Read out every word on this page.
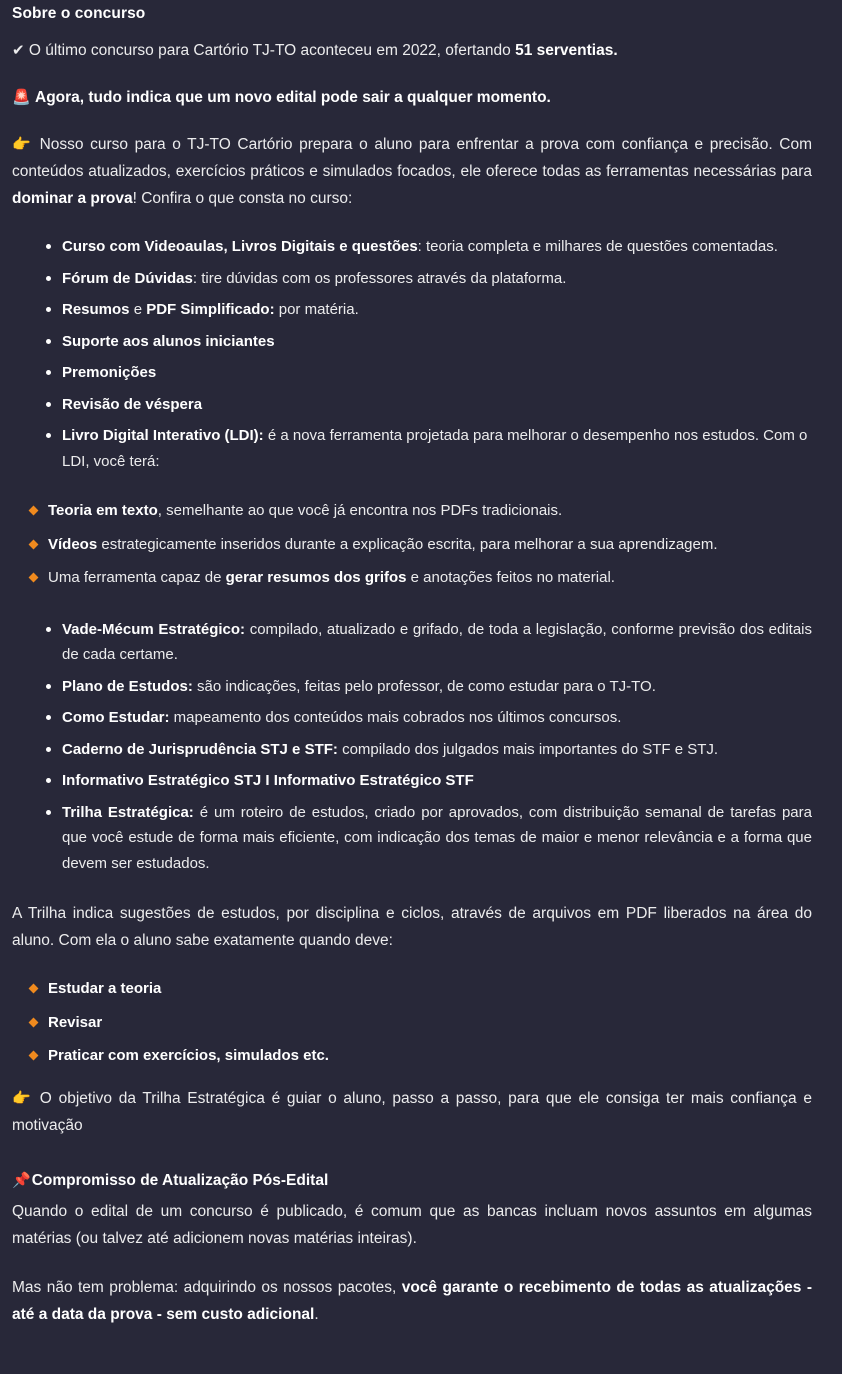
Sobre o concurso

✔ O último concurso para Cartório TJ-TO aconteceu em 2022, ofertando 51 serventias.

🚨 Agora, tudo indica que um novo edital pode sair a qualquer momento.

👉 Nosso curso para o TJ-TO Cartório prepara o aluno para enfrentar a prova com confiança e precisão. Com conteúdos atualizados, exercícios práticos e simulados focados, ele oferece todas as ferramentas necessárias para dominar a prova! Confira o que consta no curso:

Curso com Videoaulas, Livros Digitais e questões: teoria completa e milhares de questões comentadas.
Fórum de Dúvidas: tire dúvidas com os professores através da plataforma.
Resumos e PDF Simplificado: por matéria.
Suporte aos alunos iniciantes
Premonições
Revisão de véspera
Livro Digital Interativo (LDI): é a nova ferramenta projetada para melhorar o desempenho nos estudos. Com o LDI, você terá:
Teoria em texto, semelhante ao que você já encontra nos PDFs tradicionais.
Vídeos estrategicamente inseridos durante a explicação escrita, para melhorar a sua aprendizagem.
Uma ferramenta capaz de gerar resumos dos grifos e anotações feitos no material.
Vade-Mécum Estratégico: compilado, atualizado e grifado, de toda a legislação, conforme previsão dos editais de cada certame.
Plano de Estudos: são indicações, feitas pelo professor, de como estudar para o TJ-TO.
Como Estudar: mapeamento dos conteúdos mais cobrados nos últimos concursos.
Caderno de Jurisprudência STJ e STF: compilado dos julgados mais importantes do STF e STJ.
Informativo Estratégico STJ I Informativo Estratégico STF
Trilha Estratégica: é um roteiro de estudos, criado por aprovados, com distribuição semanal de tarefas para que você estude de forma mais eficiente, com indicação dos temas de maior e menor relevância e a forma que devem ser estudados.

A Trilha indica sugestões de estudos, por disciplina e ciclos, através de arquivos em PDF liberados na área do aluno. Com ela o aluno sabe exatamente quando deve:

Estudar a teoria
Revisar
Praticar com exercícios, simulados etc.

👉 O objetivo da Trilha Estratégica é guiar o aluno, passo a passo, para que ele consiga ter mais confiança e motivação

📌Compromisso de Atualização Pós-Edital

Quando o edital de um concurso é publicado, é comum que as bancas incluam novos assuntos em algumas matérias (ou talvez até adicionem novas matérias inteiras).

Mas não tem problema: adquirindo os nossos pacotes, você garante o recebimento de todas as atualizações - até a data da prova - sem custo adicional.
